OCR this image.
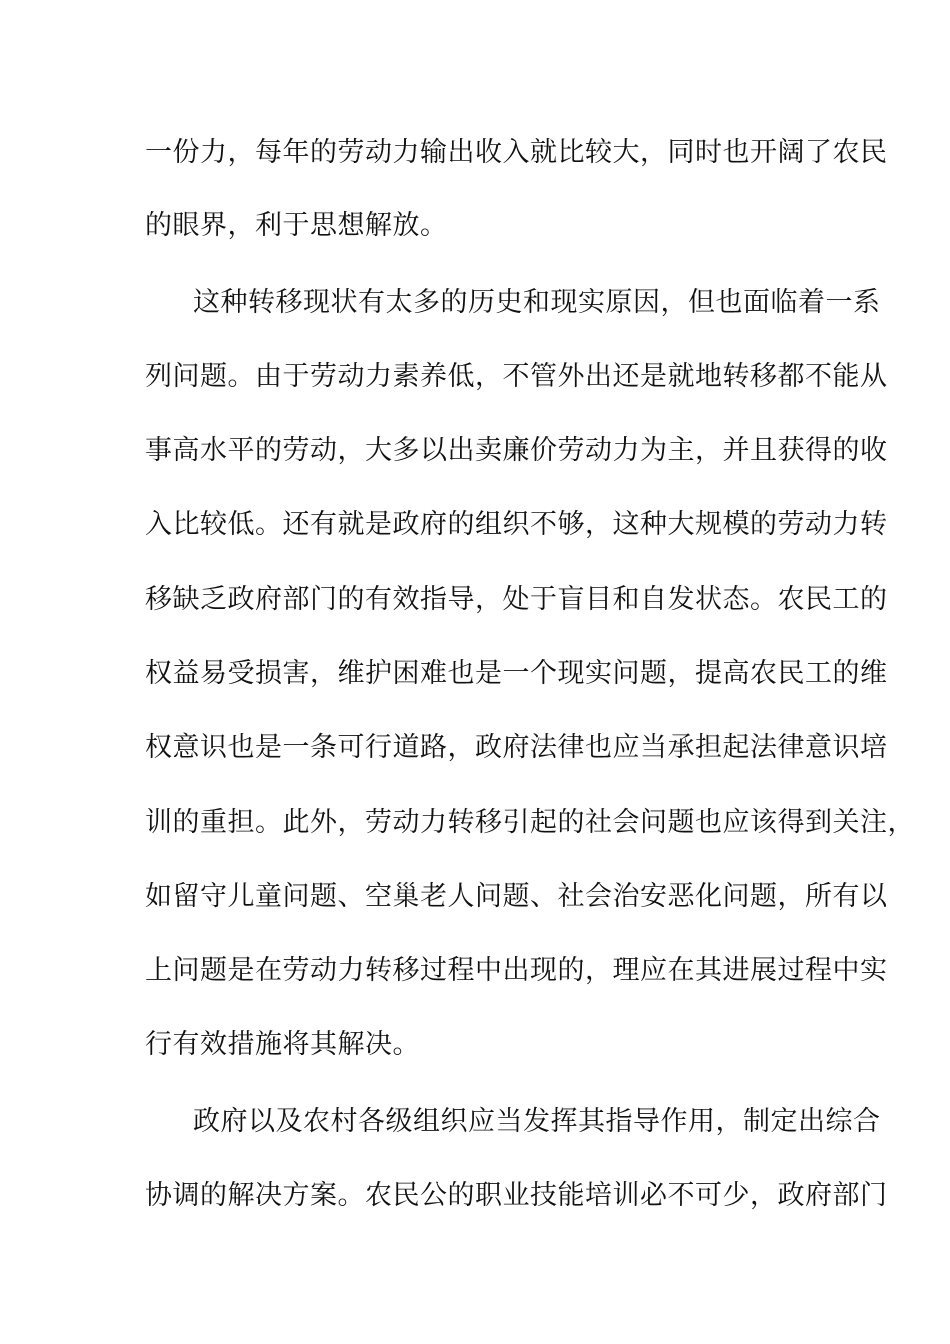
一份力，每年的劳动力输出收入就比较大，同时也开阔了农民
的眼界，利于思想解放。
这种转移现状有太多的历史和现实原因，但也面临着一系
列问题。由于劳动力素养低，不管外出还是就地转移都不能从
事高水平的劳动，大多以出卖廉价劳动力为主，并且获得的收
入比较低。还有就是政府的组织不够，这种大规模的劳动力转
移缺乏政府部门的有效指导，处于盲目和自发状态。农民工的
权益易受损害，维护困难也是一个现实问题，提高农民工的维
权意识也是一条可行道路，政府法律也应当承担起法律意识培
训的重担。此外，劳动力转移引起的社会问题也应该得到关注，
如留守儿童问题、空巢老人问题、社会治安恶化问题，所有以
上问题是在劳动力转移过程中出现的，理应在其进展过程中实
行有效措施将其解决。
政府以及农村各级组织应当发挥其指导作用，制定出综合
协调的解决方案。农民公的职业技能培训必不可少，政府部门
